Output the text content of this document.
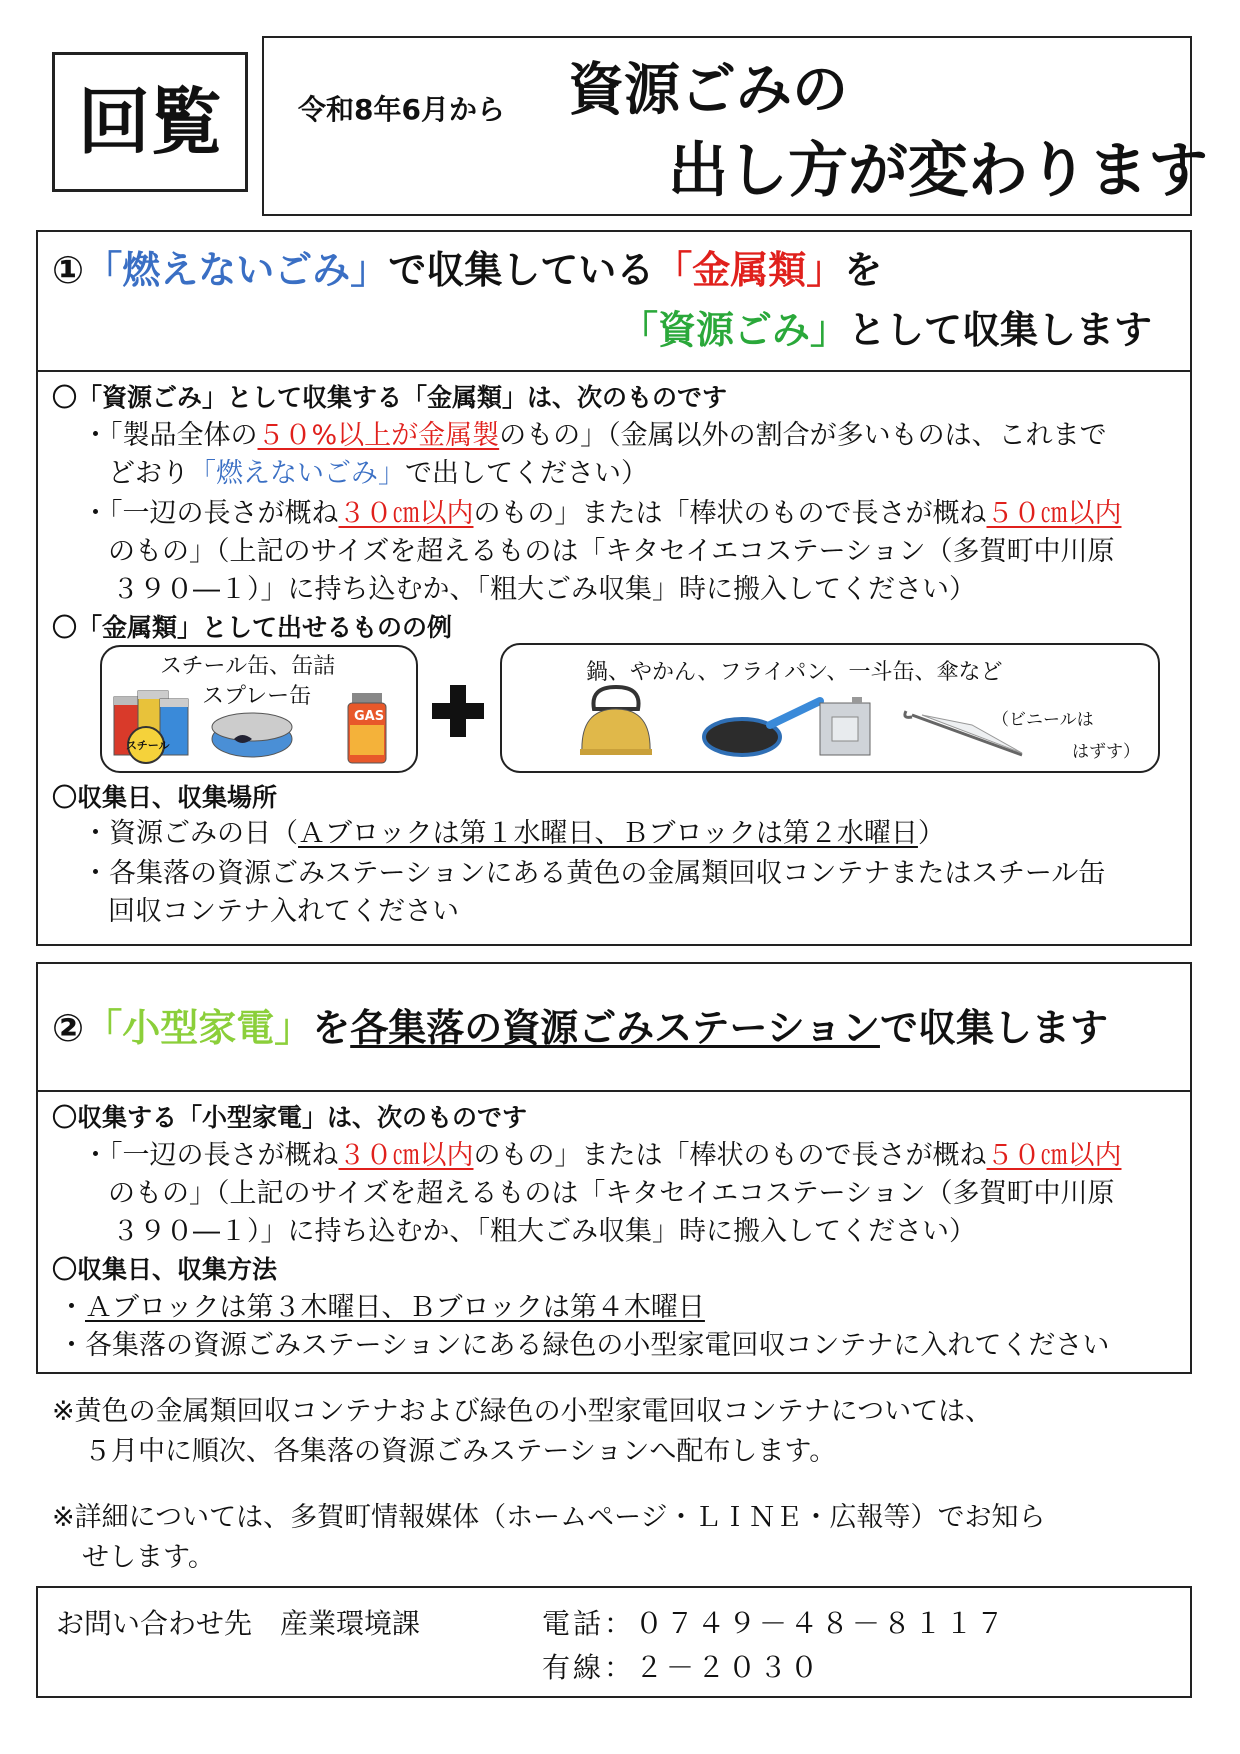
回覧	令和8年6月から 資源ごみの
出し方が変わります
①「燃えないごみ」で収集している「金属類」を
「資源ごみ」として収集します
〇「資源ごみ」として収集する「金属類」は、次のものです
・「製品全体の５０%以上が金属製のもの」（金属以外の割合が多いものは、これまで
どおり「燃えないごみ」で出してください）
・「一辺の長さが概ね３０㎝以内のもの」または「棒状のもので長さが概ね５０㎝以内
のもの」（上記のサイズを超えるものは「キタセイエコステーション（多賀町中川原
３９０―１）」に持ち込むか、「粗大ごみ収集」時に搬入してください）
〇「金属類」として出せるものの例
スチール缶、缶詰
スプレー缶
スチール
GAS
鍋、やかん、フライパン、一斗缶、傘など
（ビニールは
はずす）
〇収集日、収集場所
・資源ごみの日（Ａブロックは第１水曜日、Ｂブロックは第２水曜日）
・各集落の資源ごみステーションにある黄色の金属類回収コンテナまたはスチール缶
回収コンテナ入れてください
②「小型家電」を各集落の資源ごみステーションで収集します
〇収集する「小型家電」は、次のものです
・「一辺の長さが概ね３０㎝以内のもの」または「棒状のもので長さが概ね５０㎝以内
のもの」（上記のサイズを超えるものは「キタセイエコステーション（多賀町中川原
３９０―１）」に持ち込むか、「粗大ごみ収集」時に搬入してください）
〇収集日、収集方法
・Ａブロックは第３木曜日、Ｂブロックは第４木曜日
・各集落の資源ごみステーションにある緑色の小型家電回収コンテナに入れてください
※黄色の金属類回収コンテナおよび緑色の小型家電回収コンテナについては、
５月中に順次、各集落の資源ごみステーションへ配布します。
※詳細については、多賀町情報媒体（ホームページ・ＬＩＮＥ・広報等）でお知ら
せします。
お問い合わせ先　産業環境課	電話：０７４９－４８－８１１７
有線：２－２０３０
